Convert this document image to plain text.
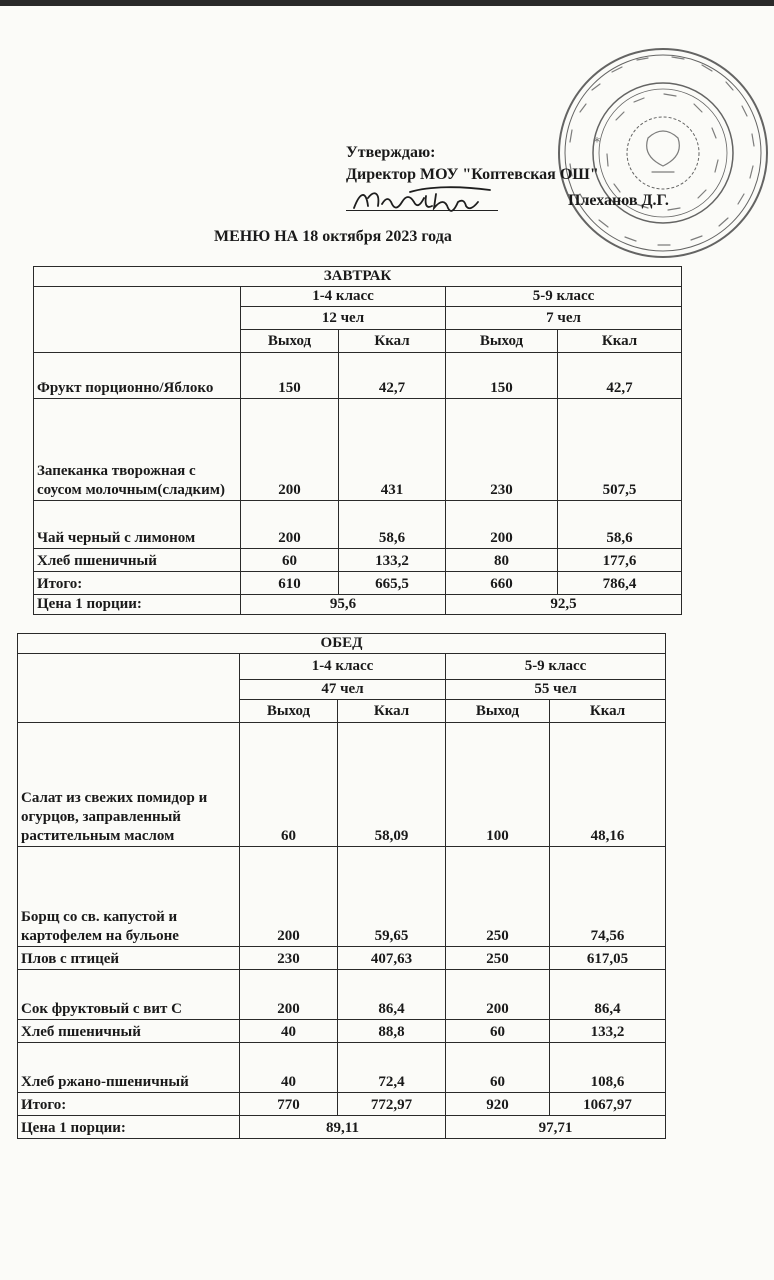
*
Утверждаю:
Директор МОУ "Коптевская ОШ"
Плеханов Д.Г.
МЕНЮ НА 18 октября 2023 года
ЗАВТРАК				
	1-4 класс		5-9 класс	
	12 чел		7 чел	
	Выход	Ккал	Выход	Ккал
Фрукт порционно/Яблоко	150	42,7	150	42,7
Запеканка творожная с соусом молочным(сладким)	200	431	230	507,5
Чай черный с лимоном	200	58,6	200	58,6
Хлеб пшеничный	60	133,2	80	177,6
Итого:	610	665,5	660	786,4
Цена 1 порции:	95,6		92,5	
ОБЕД				
	1-4 класс		5-9 класс	
	47 чел		55 чел	
	Выход	Ккал	Выход	Ккал
Салат из свежих помидор и огурцов, заправленный растительным маслом	60	58,09	100	48,16
Борщ со св. капустой и картофелем на бульоне	200	59,65	250	74,56
Плов с птицей	230	407,63	250	617,05
Сок фруктовый с вит С	200	86,4	200	86,4
Хлеб пшеничный	40	88,8	60	133,2
Хлеб ржано-пшеничный	40	72,4	60	108,6
Итого:	770	772,97	920	1067,97
Цена 1 порции:	89,11		97,71	
